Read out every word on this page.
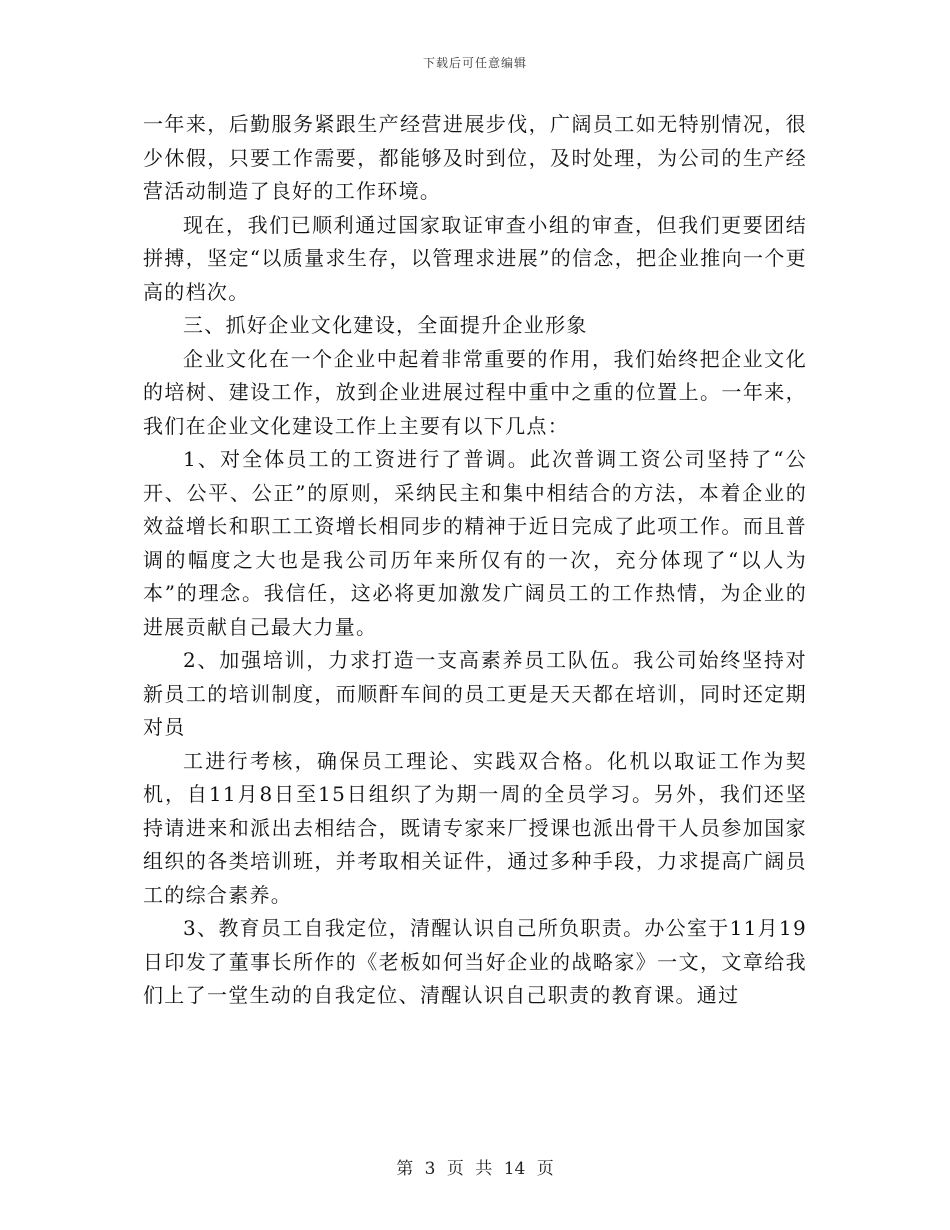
下载后可任意编辑

一年来，后勤服务紧跟生产经营进展步伐，广阔员工如无特别情况，很少休假，只要工作需要，都能够及时到位，及时处理，为公司的生产经营活动制造了良好的工作环境。

现在，我们已顺利通过国家取证审查小组的审查，但我们更要团结拼搏，坚定“以质量求生存，以管理求进展”的信念，把企业推向一个更高的档次。

三、抓好企业文化建设，全面提升企业形象

企业文化在一个企业中起着非常重要的作用，我们始终把企业文化的培树、建设工作，放到企业进展过程中重中之重的位置上。一年来，我们在企业文化建设工作上主要有以下几点：

1、对全体员工的工资进行了普调。此次普调工资公司坚持了“公开、公平、公正”的原则，采纳民主和集中相结合的方法，本着企业的效益增长和职工工资增长相同步的精神于近日完成了此项工作。而且普调的幅度之大也是我公司历年来所仅有的一次，充分体现了“以人为本”的理念。我信任，这必将更加激发广阔员工的工作热情，为企业的进展贡献自己最大力量。

2、加强培训，力求打造一支高素养员工队伍。我公司始终坚持对新员工的培训制度，而顺酐车间的员工更是天天都在培训，同时还定期对员

工进行考核，确保员工理论、实践双合格。化机以取证工作为契机，自11月8日至15日组织了为期一周的全员学习。另外，我们还坚持请进来和派出去相结合，既请专家来厂授课也派出骨干人员参加国家组织的各类培训班，并考取相关证件，通过多种手段，力求提高广阔员工的综合素养。

3、教育员工自我定位，清醒认识自己所负职责。办公室于11月19日印发了董事长所作的《老板如何当好企业的战略家》一文，文章给我们上了一堂生动的自我定位、清醒认识自己职责的教育课。通过

第 3 页 共 14 页
